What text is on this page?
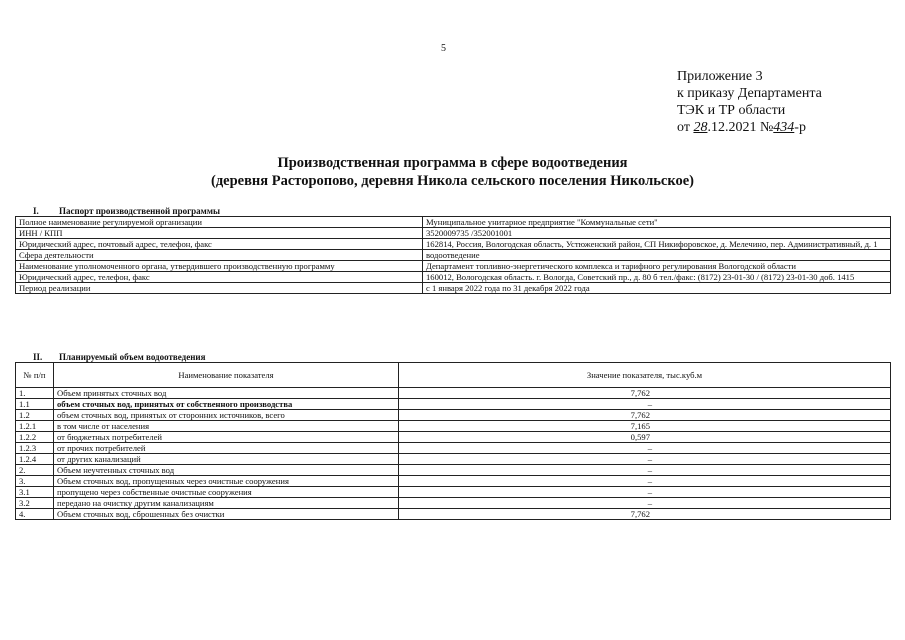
5
Приложение 3
к приказу Департамента
ТЭК и ТР области
от 28.12.2021 №434-р
Производственная программа в сфере водоотведения
(деревня Расторопово, деревня Никола сельского поселения Никольское)
I. Паспорт производственной программы
Полное наименование регулируемой организации	Муниципальное унитарное предприятие "Коммунальные сети"
ИНН / КПП	3520009735 /352001001
Юридический адрес, почтовый адрес, телефон, факс	162814, Россия, Вологодская область, Устюженский район, СП Никифоровское, д. Мелечино, пер. Административный, д. 1
Сфера деятельности	водоотведение
Наименование уполномоченного органа, утвердившего производственную программу	Департамент топливно-энергетического комплекса и тарифного регулирования Вологодской области
Юридический адрес, телефон, факс	160012, Вологодская область. г. Вологда, Советский пр., д. 80 б тел./факс: (8172) 23-01-30 / (8172) 23-01-30 доб. 1415
Период реализации	с 1 января 2022 года по 31 декабря 2022 года
II. Планируемый объем водоотведения
№ п/п	Наименование показателя	Значение показателя, тыс.куб.м
1.	Объем принятых сточных вод	7,762
1.1	объем сточных вод, принятых от собственного производства	–
1.2	объем сточных вод, принятых от сторонних источников, всего	7,762
1.2.1	в том числе от населения	7,165
1.2.2	от бюджетных потребителей	0,597
1.2.3	от прочих потребителей	–
1.2.4	от других канализаций	–
2.	Объем неучтенных сточных вод	–
3.	Объем сточных вод, пропущенных через очистные сооружения	–
3.1	пропущено через собственные очистные сооружения	–
3.2	передано на очистку другим канализациям	–
4.	Объем сточных вод, сброшенных без очистки	7,762
